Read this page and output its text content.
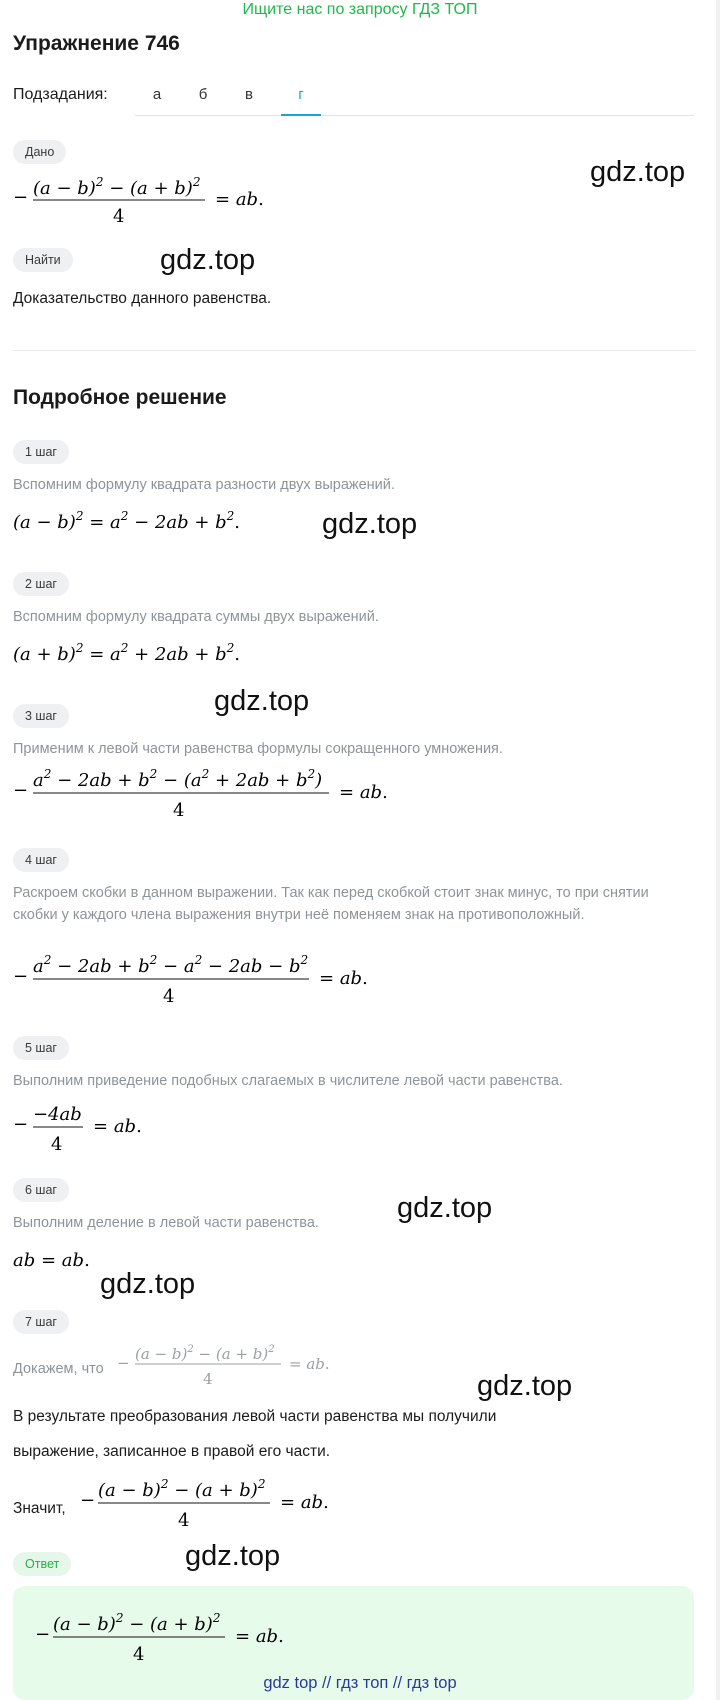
Ищите нас по запросу ГДЗ ТОП
Упражнение 746
Подзадания:	а	б	в	г
Дано
− $(a - b)^2 - (a + b)^2$
4
= ab.
gdz.top
Найти	gdz.top
Доказательство данного равенства.
Подробное решение
1 шаг
Вспомним формулу квадрата разности двух выражений.
$(a - b)^2 = a^2 - 2ab + b^2$.	gdz.top
2 шаг
Вспомним формулу квадрата суммы двух выражений.
$(a + b)^2 = a^2 + 2ab + b^2$.
gdz.top
3 шаг
Применим к левой части равенства формулы сокращенного умножения.
− $a^2 - 2ab + b^2 - (a^2 + 2ab + b^2)$
4
= ab.
4 шаг
Раскроем скобки в данном выражении. Так как перед скобкой стоит знак минус, то при снятии скобки у каждого члена выражения внутри неё поменяем знак на противоположный.
− $a^2 - 2ab + b^2 - a^2 - 2ab - b^2$
4
= ab.
5 шаг
Выполним приведение подобных слагаемых в числителе левой части равенства.
− −4ab
4
= ab.
6 шаг
Выполним деление в левой части равенства.	gdz.top
ab = ab.
gdz.top
7 шаг
Докажем, что − $(a - b)^2 - (a + b)^2$
4
= ab.
gdz.top
В результате преобразования левой части равенства мы получили
выражение, записанное в правой его части.
Значит, − $(a - b)^2 - (a + b)^2$
4
= ab.
Ответ	gdz.top
− $(a - b)^2 - (a + b)^2$
4
= ab.
gdz top // гдз топ // гдз top
